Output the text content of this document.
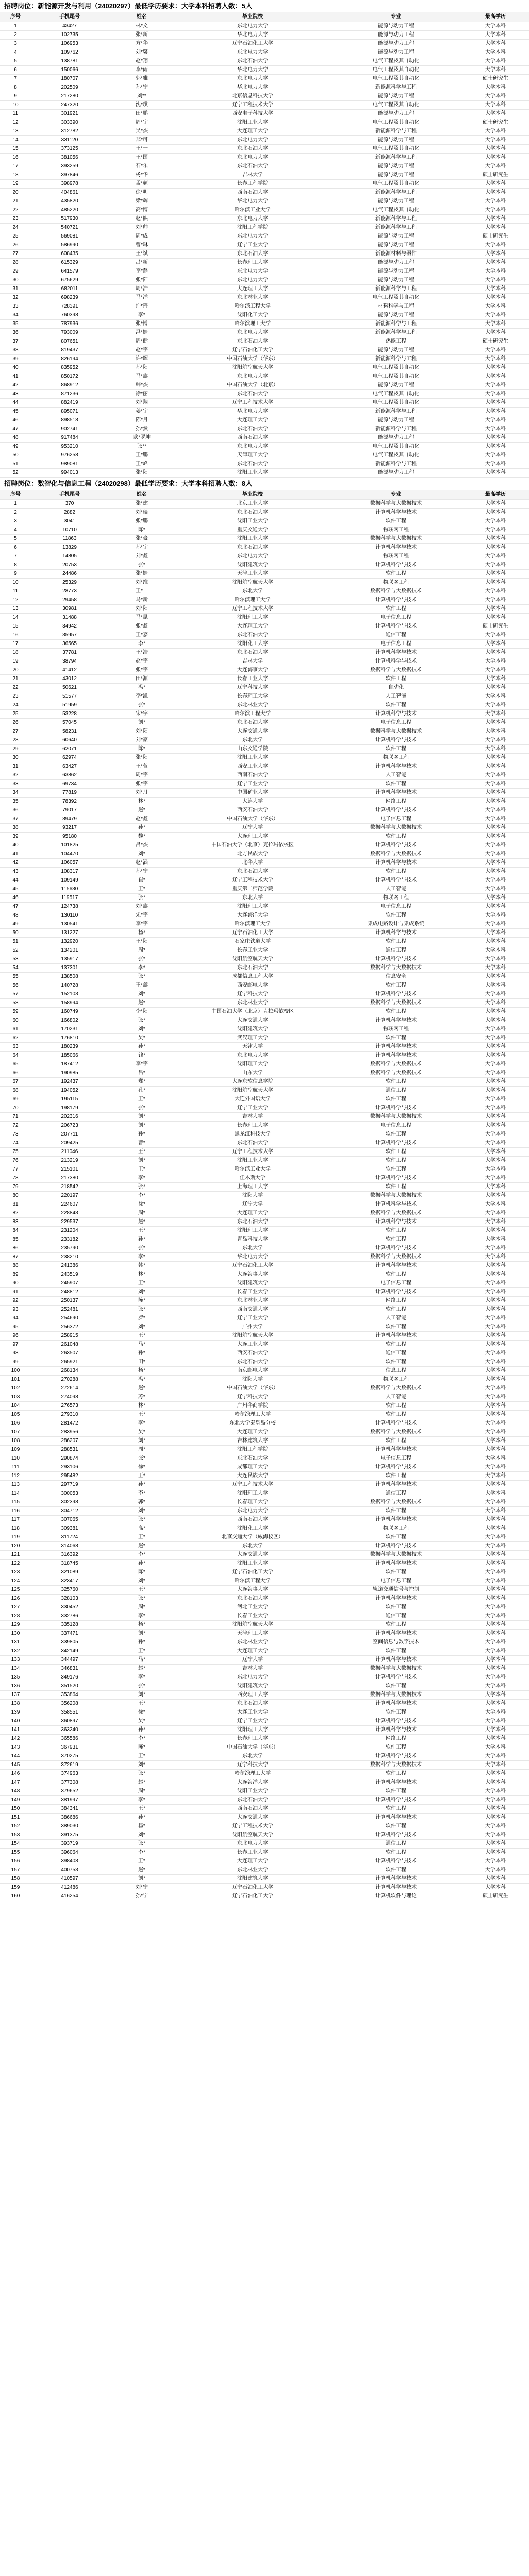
招聘岗位：新能源开发与利用（24020297）最低学历要求：大学本科招聘人数：5人
序号	手机尾号	姓名	毕业院校	专业	最高学历
1	43427	林*文	东北电力大学	能源与动力工程	大学本科
2	102735	张*新	华北电力大学	能源与动力工程	大学本科
3	106953	方*华	辽宁石油化工大学	能源与动力工程	大学本科
4	109762	刘*馨	东北电力大学	能源与动力工程	大学本科
5	138781	赵*翔	东北石油大学	电气工程及其自动化	大学本科
6	150066	李*雨	华北电力大学	电气工程及其自动化	大学本科
7	180707	郭*雅	东北电力大学	电气工程及其自动化	硕士研究生
8	202509	孙*宁	华北电力大学	新能源科学与工程	大学本科
9	217280	刘**	北京信息科技大学	能源与动力工程	大学本科
10	247320	沈*琪	辽宁工程技术大学	电气工程及其自动化	大学本科
11	301921	田*鹏	西安电子科技大学	能源与动力工程	大学本科
12	303390	周*宇	沈阳工业大学	电气工程及其自动化	硕士研究生
13	312782	吴*杰	大连理工大学	新能源科学与工程	大学本科
14	331120	郑*可	东北电力大学	能源与动力工程	大学本科
15	373125	王*一	东北石油大学	电气工程及其自动化	大学本科
16	381056	王*国	东北电力大学	新能源科学与工程	大学本科
17	393259	石*乐	东北石油大学	能源与动力工程	大学本科
18	397846	杨*华	吉林大学	能源与动力工程	硕士研究生
19	398978	孟*颜	长春工程学院	电气工程及其自动化	大学本科
20	404861	徐*明	西南石油大学	新能源科学与工程	大学本科
21	435820	梁*辉	华北电力大学	能源与动力工程	大学本科
22	485220	高*博	哈尔滨工业大学	电气工程及其自动化	大学本科
23	517930	赵*熙	东北电力大学	新能源科学与工程	大学本科
24	540721	刘*帅	沈阳工程学院	新能源科学与工程	大学本科
25	569081	周*成	东北电力大学	能源与动力工程	硕士研究生
26	586990	曹*琳	辽宁工业大学	能源与动力工程	大学本科
27	608435	王*斌	东北石油大学	新能源材料与器件	大学本科
28	615329	吕*新	长春理工大学	能源与动力工程	大学本科
29	641579	李*磊	东北电力大学	能源与动力工程	大学本科
30	675629	张*阳	东北电力大学	能源与动力工程	大学本科
31	682011	周*浩	大连理工大学	新能源科学与工程	大学本科
32	698239	马*洋	东北林业大学	电气工程及其自动化	大学本科
33	728391	许*琦	哈尔滨工程大学	材料科学与工程	大学本科
34	760398	李*	沈阳化工大学	能源与动力工程	大学本科
35	787936	张*博	哈尔滨理工大学	新能源科学与工程	大学本科
36	793009	冯*婷	东北电力大学	新能源科学与工程	大学本科
37	807651	周*健	东北石油大学	热能工程	硕士研究生
38	819437	赵*宇	辽宁石油化工大学	能源与动力工程	大学本科
39	826194	许*晖	中国石油大学（华东）	新能源科学与工程	大学本科
40	835952	孙*阳	沈阳航空航天大学	电气工程及其自动化	大学本科
41	850172	马*鑫	东北电力大学	电气工程及其自动化	大学本科
42	868912	韩*杰	中国石油大学（北京）	能源与动力工程	大学本科
43	871236	徐*丽	东北石油大学	电气工程及其自动化	大学本科
44	882419	刘*翔	辽宁工程技术大学	电气工程及其自动化	大学本科
45	895071	姜*宇	华北电力大学	新能源科学与工程	大学本科
46	898518	陈*月	大连理工大学	能源与动力工程	大学本科
47	902741	孙*然	东北石油大学	新能源科学与工程	大学本科
48	917484	欧*罗坤	西南石油大学	能源与动力工程	大学本科
49	953210	张**	东北电力大学	电气工程及其自动化	大学本科
50	976258	王*鹏	天津理工大学	电气工程及其自动化	大学本科
51	989081	王*峰	东北石油大学	新能源科学与工程	大学本科
52	994013	张*阳	沈阳工业大学	能源与动力工程	大学本科
招聘岗位：数智化与信息工程（24020298）最低学历要求：大学本科招聘人数：8人
序号	手机尾号	姓名	毕业院校	专业	最高学历
1	370	张*建	北京工业大学	数据科学与大数据技术	大学本科
2	2882	刘*瑞	东北石油大学	计算机科学与技术	大学本科
3	3041	张*鹏	沈阳工业大学	软件工程	大学本科
4	10710	陈*	重庆交通大学	物联网工程	大学本科
5	11863	张*豪	沈阳工业大学	数据科学与大数据技术	大学本科
6	13829	孙*宇	东北石油大学	计算机科学与技术	大学本科
7	14805	刘*鑫	东北电力大学	物联网工程	大学本科
8	20753	张*	沈阳建筑大学	计算机科学与技术	大学本科
9	24486	张*婷	天津工业大学	软件工程	大学本科
10	25329	刘*维	沈阳航空航天大学	物联网工程	大学本科
11	28773	王*一	东北大学	数据科学与大数据技术	大学本科
12	29458	马*新	哈尔滨理工大学	计算机科学与技术	大学本科
13	30981	刘*阳	辽宁工程技术大学	软件工程	大学本科
14	31488	马*昆	沈阳理工大学	电子信息工程	大学本科
15	34942	张*鑫	大连理工大学	计算机科学与技术	硕士研究生
16	35957	王*嘉	东北石油大学	通信工程	大学本科
17	36565	李*	沈阳化工大学	电子信息工程	大学本科
18	37781	王*浩	东北石油大学	计算机科学与技术	大学本科
19	38794	赵*宇	吉林大学	计算机科学与技术	大学本科
20	41412	张*宇	大连海事大学	数据科学与大数据技术	大学本科
21	43012	田*源	长春工业大学	软件工程	大学本科
22	50621	冯*	辽宁科技大学	自动化	大学本科
23	51577	李*凯	长春理工大学	人工智能	大学本科
24	51959	张*	东北林业大学	软件工程	大学本科
25	53228	宋*宇	哈尔滨工程大学	计算机科学与技术	大学本科
26	57045	刘*	东北石油大学	电子信息工程	大学本科
27	58231	刘*阳	大连交通大学	数据科学与大数据技术	大学本科
28	60640	刘*豪	东北大学	计算机科学与技术	大学本科
29	62071	陈*	山东交通学院	软件工程	大学本科
30	62974	张*阳	沈阳工业大学	物联网工程	大学本科
31	63427	王*萱	西安工业大学	计算机科学与技术	大学本科
32	63862	周*宇	西南石油大学	人工智能	大学本科
33	69734	张*宇	辽宁工业大学	软件工程	大学本科
34	77819	刘*月	中国矿业大学	计算机科学与技术	大学本科
35	78392	林*	大连大学	网络工程	大学本科
36	79017	赵*	西安石油大学	计算机科学与技术	大学本科
37	89479	赵*鑫	中国石油大学（华东）	电子信息工程	大学本科
38	93217	孙*	辽宁大学	数据科学与大数据技术	大学本科
39	95180	魏*	大连理工大学	软件工程	大学本科
40	101825	吕*杰	中国石油大学（北京）克拉玛依校区	计算机科学与技术	大学本科
41	104470	刘*	北方民族大学	数据科学与大数据技术	大学本科
42	106057	赵*涵	北华大学	计算机科学与技术	大学本科
43	108317	孙*宁	东北石油大学	软件工程	大学本科
44	109149	崔*	辽宁工程技术大学	计算机科学与技术	大学本科
45	115630	王*	重庆第二师范学院	人工智能	大学本科
46	119517	张*	东北大学	物联网工程	大学本科
47	124738	刘*鑫	沈阳理工大学	电子信息工程	大学本科
48	130110	朱*宇	大连海洋大学	软件工程	大学本科
49	130541	李*宇	哈尔滨理工大学	集成电路设计与集成系统	大学本科
50	131227	杨*	辽宁石油化工大学	计算机科学与技术	大学本科
51	132920	王*阳	石家庄铁道大学	软件工程	大学本科
52	134201	周*	长春工业大学	通信工程	大学本科
53	135917	张*	沈阳航空航天大学	计算机科学与技术	大学本科
54	137301	李*	东北石油大学	数据科学与大数据技术	大学本科
55	138508	张*	成都信息工程大学	信息安全	大学本科
56	140728	王*鑫	西安邮电大学	软件工程	大学本科
57	152103	刘*	辽宁科技大学	计算机科学与技术	大学本科
58	158994	赵*	东北林业大学	数据科学与大数据技术	大学本科
59	160749	李*阳	中国石油大学（北京）克拉玛依校区	软件工程	大学本科
60	166802	张*	大连交通大学	计算机科学与技术	大学本科
61	170231	刘*	沈阳建筑大学	物联网工程	大学本科
62	176810	吴*	武汉理工大学	软件工程	大学本科
63	180239	孙*	天津大学	计算机科学与技术	大学本科
64	185066	钱*	东北电力大学	计算机科学与技术	大学本科
65	187412	李*宇	沈阳理工大学	数据科学与大数据技术	大学本科
66	190985	吕*	山东大学	数据科学与大数据技术	大学本科
67	192437	郑*	大连东软信息学院	软件工程	大学本科
68	194052	孔*	沈阳航空航天大学	通信工程	大学本科
69	195115	王*	大连外国语大学	软件工程	大学本科
70	198179	张*	辽宁工业大学	计算机科学与技术	大学本科
71	202316	刘*	吉林大学	数据科学与大数据技术	大学本科
72	206723	刘*	长春理工大学	电子信息工程	大学本科
73	207711	孙*	黑龙江科技大学	软件工程	大学本科
74	209425	曹*	东北石油大学	计算机科学与技术	大学本科
75	211046	王*	辽宁工程技术大学	软件工程	大学本科
76	213219	刘*	沈阳工业大学	软件工程	大学本科
77	215101	王*	哈尔滨工业大学	软件工程	大学本科
78	217380	李*	佳木斯大学	计算机科学与技术	大学本科
79	218542	张*	上海理工大学	软件工程	大学本科
80	220197	李*	沈阳大学	数据科学与大数据技术	大学本科
81	224607	徐*	辽宁大学	计算机科学与技术	大学本科
82	228843	周*	大连理工大学	数据科学与大数据技术	大学本科
83	229537	赵*	东北石油大学	计算机科学与技术	大学本科
84	231204	王*	沈阳理工大学	软件工程	大学本科
85	233182	孙*	青岛科技大学	软件工程	大学本科
86	235790	张*	东北大学	计算机科学与技术	大学本科
87	238210	李*	华北电力大学	数据科学与大数据技术	大学本科
88	241386	韩*	辽宁石油化工大学	计算机科学与技术	大学本科
89	243519	林*	大连海事大学	软件工程	大学本科
90	245907	王*	沈阳建筑大学	电子信息工程	大学本科
91	248812	刘*	长春工业大学	计算机科学与技术	大学本科
92	250137	陈*	东北林业大学	网络工程	大学本科
93	252481	张*	西南交通大学	软件工程	大学本科
94	254690	罗*	辽宁工业大学	人工智能	大学本科
95	256372	刘*	广州大学	软件工程	大学本科
96	258915	王*	沈阳航空航天大学	计算机科学与技术	大学本科
97	261048	马*	大连工业大学	软件工程	大学本科
98	263507	孙*	西安石油大学	通信工程	大学本科
99	265921	田*	东北石油大学	软件工程	大学本科
100	268134	杨*	南京邮电大学	信息工程	大学本科
101	270288	冯*	沈阳大学	物联网工程	大学本科
102	272614	赵*	中国石油大学（华东）	数据科学与大数据技术	大学本科
103	274098	苏*	辽宁科技大学	人工智能	大学本科
104	276573	林*	广州华商学院	软件工程	大学本科
105	279310	王*	哈尔滨理工大学	软件工程	大学本科
106	281472	李*	东北大学秦皇岛分校	计算机科学与技术	大学本科
107	283956	吴*	大连理工大学	数据科学与大数据技术	大学本科
108	286207	刘*	吉林建筑大学	软件工程	大学本科
109	288531	周*	沈阳工程学院	计算机科学与技术	大学本科
110	290874	张*	东北石油大学	电子信息工程	大学本科
111	293106	徐*	成都理工大学	计算机科学与技术	大学本科
112	295482	王*	大连民族大学	软件工程	大学本科
113	297719	孙*	辽宁工程技术大学	计算机科学与技术	大学本科
114	300053	李*	沈阳理工大学	通信工程	大学本科
115	302398	郭*	长春理工大学	数据科学与大数据技术	大学本科
116	304712	刘*	东北电力大学	软件工程	大学本科
117	307065	张*	西南石油大学	计算机科学与技术	大学本科
118	309381	高*	沈阳化工大学	物联网工程	大学本科
119	311724	王*	北京交通大学（威海校区）	软件工程	大学本科
120	314068	赵*	东北大学	计算机科学与技术	大学本科
121	316392	李*	大连交通大学	数据科学与大数据技术	大学本科
122	318745	孙*	沈阳工业大学	计算机科学与技术	大学本科
123	321089	陈*	辽宁石油化工大学	软件工程	大学本科
124	323417	刘*	哈尔滨工程大学	电子信息工程	大学本科
125	325760	王*	大连海事大学	轨道交通信号与控制	大学本科
126	328103	张*	东北石油大学	计算机科学与技术	大学本科
127	330452	周*	河北工业大学	软件工程	大学本科
128	332786	李*	长春工业大学	通信工程	大学本科
129	335128	杨*	沈阳航空航天大学	软件工程	大学本科
130	337471	刘*	天津理工大学	计算机科学与技术	大学本科
131	339805	孙*	东北林业大学	空间信息与数字技术	大学本科
132	342149	王*	大连理工大学	软件工程	大学本科
133	344497	马*	辽宁大学	计算机科学与技术	大学本科
134	346831	赵*	吉林大学	数据科学与大数据技术	大学本科
135	349176	李*	东北电力大学	计算机科学与技术	大学本科
136	351520	张*	沈阳建筑大学	软件工程	大学本科
137	353864	刘*	西安理工大学	数据科学与大数据技术	大学本科
138	356208	王*	东北石油大学	计算机科学与技术	大学本科
139	358551	徐*	大连工业大学	软件工程	大学本科
140	360897	吴*	辽宁工业大学	计算机科学与技术	大学本科
141	363240	孙*	沈阳理工大学	计算机科学与技术	大学本科
142	365586	李*	长春理工大学	网络工程	大学本科
143	367931	陈*	中国石油大学（华东）	软件工程	大学本科
144	370275	王*	东北大学	计算机科学与技术	大学本科
145	372619	刘*	辽宁科技大学	数据科学与大数据技术	大学本科
146	374963	张*	哈尔滨理工大学	软件工程	大学本科
147	377308	赵*	大连海洋大学	计算机科学与技术	大学本科
148	379652	周*	沈阳工业大学	软件工程	大学本科
149	381997	李*	东北石油大学	计算机科学与技术	大学本科
150	384341	王*	西南石油大学	软件工程	大学本科
151	386686	孙*	大连交通大学	计算机科学与技术	大学本科
152	389030	杨*	辽宁工程技术大学	软件工程	大学本科
153	391375	刘*	沈阳航空航天大学	计算机科学与技术	大学本科
154	393719	张*	东北电力大学	通信工程	大学本科
155	396064	李*	长春工业大学	软件工程	大学本科
156	398408	王*	大连理工大学	计算机科学与技术	大学本科
157	400753	赵*	东北林业大学	软件工程	大学本科
158	410597	刘*	沈阳建筑大学	计算机科学与技术	大学本科
159	412486	刘*宁	辽宁石油化工大学	计算机科学与技术	大学本科
160	416254	孙*宁	辽宁石油化工大学	计算机软件与理论	硕士研究生
